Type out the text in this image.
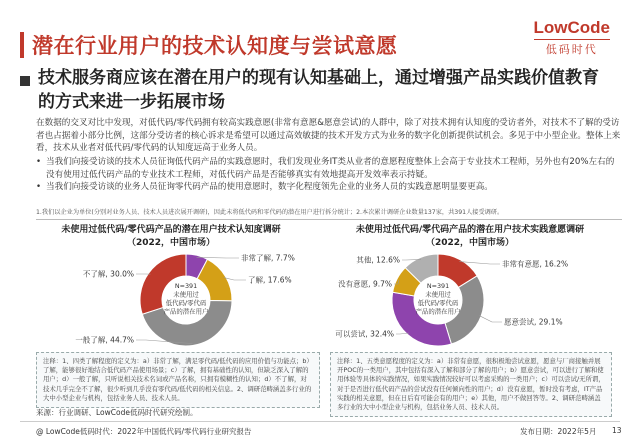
潜在行业用户的技术认知度与尝试意愿
LowCode
低码时代
技术服务商应该在潜在用户的现有认知基础上，通过增强产品实践价值教育的方式来进一步拓展市场
在数据的交叉对比中发现，对低代码/零代码拥有较高实践意愿(非常有意愿&愿意尝试)的人群中，除了对技术拥有认知度的受访者外，对技术不了解的受访者也占据着小部分比例，这部分受访者的核心诉求是希望可以通过高效敏捷的技术开发方式为业务的数字化创新提供试机会。多见于中小型企业。整体上来看，技术从业者对低代码/零代码的认知度远高于业务人员。
• 当我们向接受访谈的技术人员征询低代码产品的实践意愿时，我们发现业务IT类从业者的意愿程度整体上会高于专业技术工程师，另外也有20%左右的没有使用过低代码产品的专业技术工程师，对低代码产品是否能够真实有效地提高开发效率表示持疑。
• 当我们向接受访谈的业务人员征询零代码产品的使用意愿时，数字化程度领先企业的业务人员的实践意愿明显要更高。
1.我们以企业为单位(分别对业务人员、技术人员进次展开调研)，因此未将低代码和零代码的潜在用户进行拆分统计；2.本次累计调研企业数量137家，共391人接受调研。
未使用过低代码/零代码产品的潜在用户技术认知度调研
（2022，中国市场）
非常了解, 7.7%
了解, 17.6%
一般了解, 44.7%
不了解, 30.0%
N=391
未使用过
低代码/零代码
产品的潜在用户
注释：1、四类了解程度的定义为：a）非常了解，满足零代码/低代码的应用价值与功能点；b）了解，能够很好地结合低代码产品使用场景；c）了解，拥有基础性的认知，但缺乏深入了解的用户；d）一般了解，只听说相关技术名词或产品名称，只拥有模糊性的认知；d）不了解，对技术几乎完全不了解，很少听到几乎没有零代码/低代码的相关信息。2、调研范畴涵盖多行业的大中小型企业与机构，包括业务人员、技术人员。
未使用过低代码/零代码产品的潜在用户技术实践意愿调研
（2022，中国市场）
非常有意愿, 16.2%
愿意尝试, 29.1%
可以尝试, 32.4%
没有意愿, 9.7%
其他, 12.6%
N=391
未使用过
低代码/零代码
产品的潜在用户
注释：1、五类意愿程度的定义为：a）非常有意愿，很积极地尝试意愿，愿意与厂商接触并展开POC的一类用户，其中包括有深入了解和部分了解的用户；b）愿意尝试，可以进行了解和使用体验等具体的实践情况，如果实践情况较好可以考虑采购的一类用户；c）可以尝试/无所谓，对于是否进行低代码产品的尝试没有任何倾向性的用户；d）没有意愿，暂时没有考虑，IT产品实践的相关意愿，但在日后有可能会有的用户；e）其他，用户不做回答等。2、调研范畴涵盖多行业的大中小型企业与机构，包括业务人员、技术人员。
来源：行业调研、LowCode低码时代研究绘制。
@ LowCode低码时代：2022年中国低代码/零代码行业研究报告	发布日期：2022年5月 13
